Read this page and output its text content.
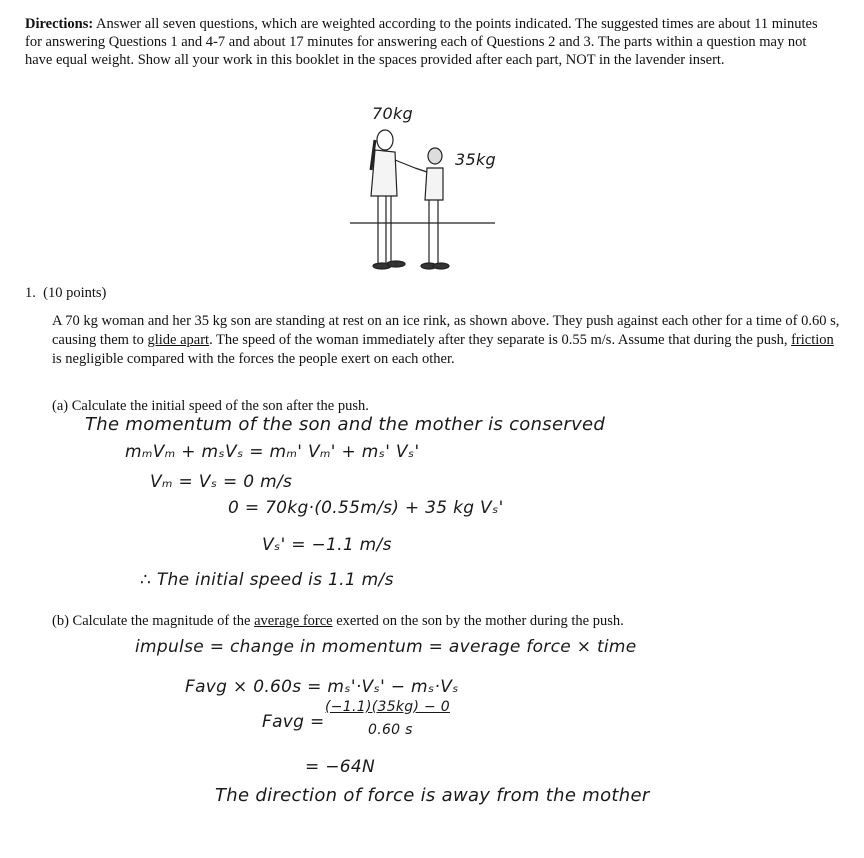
Directions: Answer all seven questions, which are weighted according to the points indicated. The suggested times are about 11 minutes for answering Questions 1 and 4-7 and about 17 minutes for answering each of Questions 2 and 3. The parts within a question may not have equal weight. Show all your work in this booklet in the spaces provided after each part, NOT in the lavender insert.
70kg
35kg
1. (10 points)
A 70 kg woman and her 35 kg son are standing at rest on an ice rink, as shown above. They push against each other for a time of 0.60 s, causing them to glide apart. The speed of the woman immediately after they separate is 0.55 m/s. Assume that during the push, friction is negligible compared with the forces the people exert on each other.
(a) Calculate the initial speed of the son after the push.
The momentum of the son and the mother is conserved
mₘVₘ + mₛVₛ = mₘ' Vₘ' + mₛ' Vₛ'
Vₘ = Vₛ = 0 m/s
0 = 70kg·(0.55m/s) + 35 kg Vₛ'
Vₛ' = −1.1 m/s
∴ The initial speed is 1.1 m/s
(b) Calculate the magnitude of the average force exerted on the son by the mother during the push.
impulse = change in momentum = average force × time
Favg × 0.60s = mₛ'·Vₛ' − mₛ·Vₛ
Favg =
(−1.1)(35kg) − 0
0.60 s
= −64N
The direction of force is away from the mother
